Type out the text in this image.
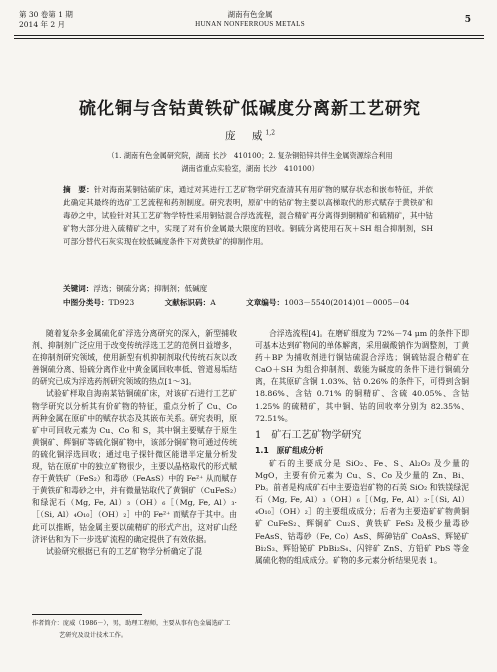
第 30 卷第 1 期
2014 年 2 月
湖南有色金属
HUNAN NONFERROUS METALS	5
硫化铜与含钴黄铁矿低碱度分离新工艺研究
庞　威$^{1,2}$
（1. 湖南有色金属研究院，湖南 长沙　410100；2. 复杂铜铅锌共伴生金属资源综合利用
湖南省重点实验室，湖南 长沙　410100）
摘　要：针对海南某铜钴硫矿床，通过对其进行工艺矿物学研究查清其有用矿物的赋存状态和嵌布特征，并依此确定其最终的选矿工艺流程和药剂制度。研究表明，原矿中的钴矿物主要以高梯取代的形式赋存于黄铁矿和毒砂之中，试验针对其工艺矿物学特性采用铜钴混合浮选流程，混合精矿再分离得到铜精矿和硫精矿，其中钴矿物大部分进入硫精矿之中，实现了对有价金属最大限度的回收。铜硫分离使用石灰＋SH 组合抑制剂，SH 可部分替代石灰实现在较低碱度条件下对黄铁矿的抑制作用。
关键词：浮选；铜硫分离；抑制剂；低碱度
中图分类号：TD923	文献标识码：A	文章编号：1003－5540(2014)01－0005－04

随着复杂多金属硫化矿浮选分离研究的深入，新型捕收剂、抑制剂广泛应用于改变传统浮选工艺的范例日益增多，在抑制剂研究领域，使用新型有机抑制剂取代传统石灰以改善铜硫分离、铅硫分离作业中黄金属回收率低、管道易垢结的研究已成为浮选药剂研究领域的热点[1～3]。

试验矿样取自海南某钴铜硫矿床，对该矿石进行工艺矿物学研究以分析其有价矿物的特征，重点分析了 Cu、Co 两种金属在原矿中的赋存状态及其嵌布关系。研究表明，原矿中可回收元素为 Cu、Co 和 S，其中铜主要赋存于原生黄铜矿、辉铜矿等硫化铜矿物中，该部分铜矿物可通过传统的硫化铜浮选回收；通过电子探针微区能谱半定量分析发现，钴在原矿中的独立矿物很少，主要以晶格取代的形式赋存于黄铁矿（FeS₂）和毒砂（FeAsS）中的 Fe²⁺ 从而赋存于黄铁矿和毒砂之中，并有微量钴取代了黄铜矿（CuFeS₂）和绿泥石（Mg, Fe, Al）₃（OH）₆［（Mg, Fe, Al）₃·［（Si, Al）₄O₁₀］（OH）₂］中的 Fe²⁺ 而赋存于其中。由此可以推断，钴金属主要以硫精矿的形式产出，这对矿山经济评估和为下一步选矿流程的确定提供了有效依据。

试验研究根据已有的工艺矿物学分析确定了混

合浮选流程[4]。在磨矿细度为 72%－74 μm 的条件下即可基本达到矿物间的单体解离，采用碳酸钠作为调整剂，丁黄药＋BP 为捕收剂进行铜钴硫混合浮选；铜硫钴混合精矿在 CaO＋SH 为组合抑制剂、载能为碱度的条件下进行铜硫分离，在其原矿含铜 1.03%、钴 0.26% 的条件下，可得到含铜 18.86%、含钴 0.71% 的铜精矿、含硫 40.05%、含钴 1.25% 的硫精矿，其中铜、钴的回收率分别为 82.35%、72.51%。

1　矿石工艺矿物学研究
1.1　原矿组成分析

矿石的主要成分是 SiO₂、Fe、S、Al₂O₃ 及少量的 MgO，主要有价元素为 Cu、S、Co 及少量的 Zn、Bi、Pb。前者是构成矿石中主要造岩矿物的石英 SiO₂ 和铁镁绿泥石（Mg, Fe, Al）₃（OH）₆［（Mg, Fe, Al）₃·［（Si, Al）₄O₁₀］（OH）₂］的主要组成成分；后者为主要造矿矿物黄铜矿 CuFeS₂、辉铜矿 Cu₂S、黄铁矿 FeS₂ 及极少量毒砂 FeAsS、钴毒砂（Fe, Co）AsS、辉砷钴矿 CoAsS、辉铋矿 Bi₂S₃、辉铅铋矿 PbBi₂S₄、闪锌矿 ZnS、方铅矿 PbS 等金属硫化物的组成成分。矿物的多元素分析结果见表 1。

作者简介：庞威（1986－），男，助理工程师，主要从事有色金属选矿工
艺研究及设计技术工作。
